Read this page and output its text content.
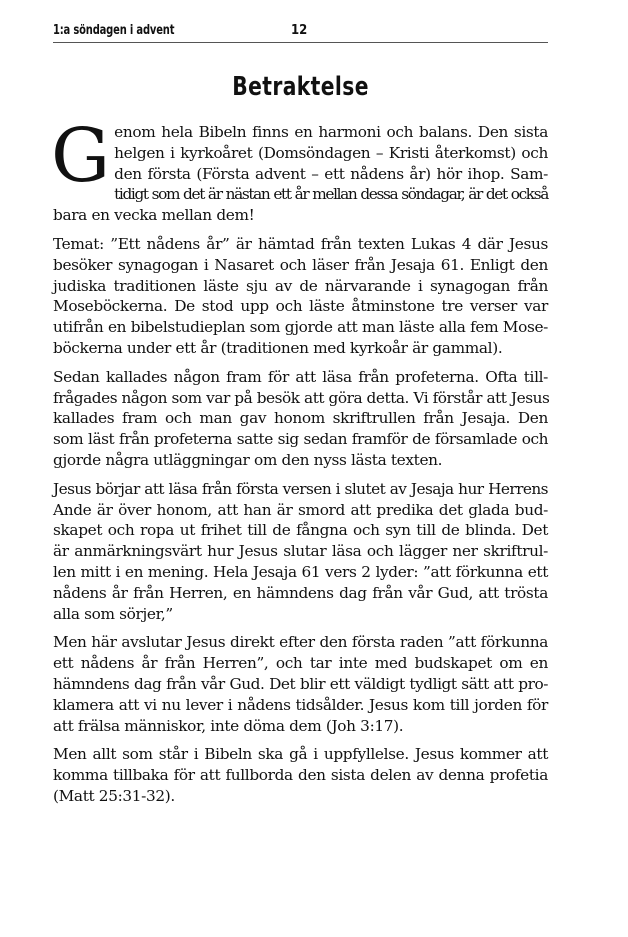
1:a söndagen i advent	12
Betraktelse
G enom hela Bibeln finns en harmoni och balans. Den sista
helgen i kyrkoåret (Domsöndagen – Kristi återkomst) och
den första (Första advent – ett nådens år) hör ihop. Sam-
tidigt som det är nästan ett år mellan dessa söndagar, är det också
bara en vecka mellan dem!
Temat: ”Ett nådens år” är hämtad från texten Lukas 4 där Jesus
besöker synagogan i Nasaret och läser från Jesaja 61. Enligt den
judiska traditionen läste sju av de närvarande i synagogan från
Moseböckerna. De stod upp och läste åtminstone tre verser var
utifrån en bibelstudieplan som gjorde att man läste alla fem Mose-
böckerna under ett år (traditionen med kyrkoår är gammal).
Sedan kallades någon fram för att läsa från profeterna. Ofta till-
frågades någon som var på besök att göra detta. Vi förstår att Jesus
kallades fram och man gav honom skriftrullen från Jesaja. Den
som läst från profeterna satte sig sedan framför de församlade och
gjorde några utläggningar om den nyss lästa texten.
Jesus börjar att läsa från första versen i slutet av Jesaja hur Herrens
Ande är över honom, att han är smord att predika det glada bud-
skapet och ropa ut frihet till de fångna och syn till de blinda. Det
är anmärkningsvärt hur Jesus slutar läsa och lägger ner skriftrul-
len mitt i en mening. Hela Jesaja 61 vers 2 lyder: ”att förkunna ett
nådens år från Herren, en hämndens dag från vår Gud, att trösta
alla som sörjer,”
Men här avslutar Jesus direkt efter den första raden ”att förkunna
ett nådens år från Herren”, och tar inte med budskapet om en
hämndens dag från vår Gud. Det blir ett väldigt tydligt sätt att pro-
klamera att vi nu lever i nådens tidsålder. Jesus kom till jorden för
att frälsa människor, inte döma dem (Joh 3:17).
Men allt som står i Bibeln ska gå i uppfyllelse. Jesus kommer att
komma tillbaka för att fullborda den sista delen av denna profetia
(Matt 25:31-32).
